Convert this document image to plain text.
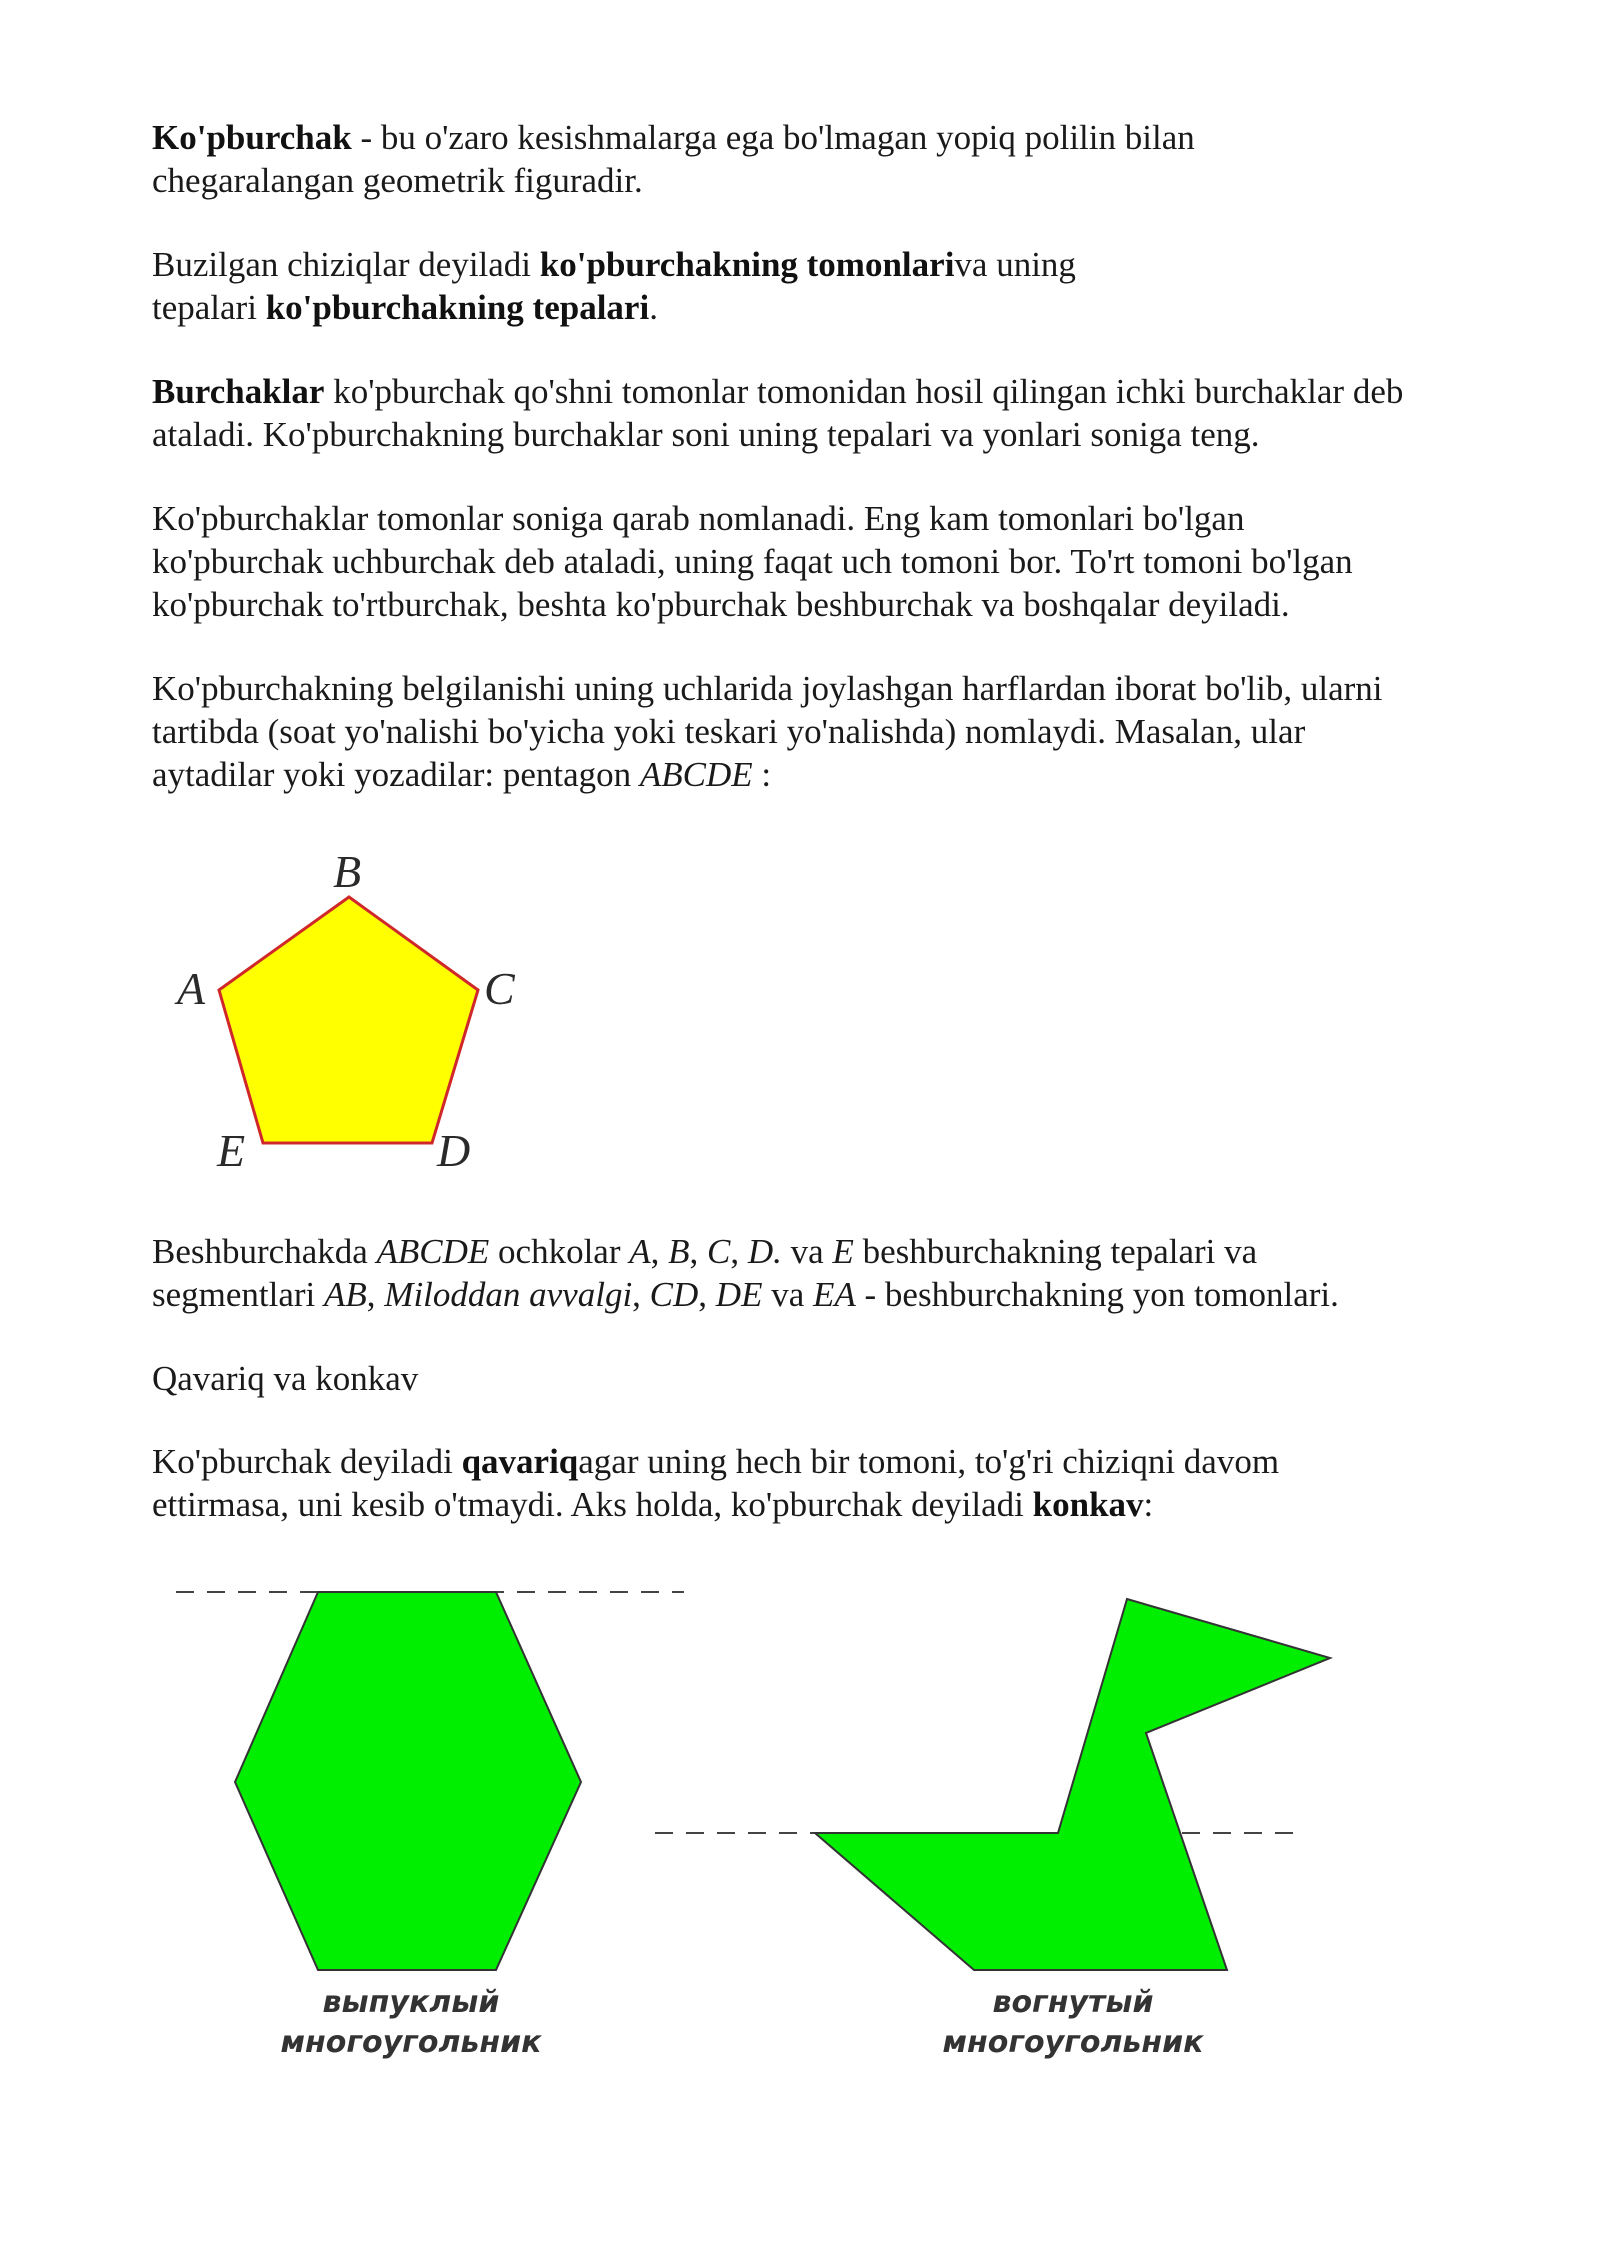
Ko'pburchak - bu o'zaro kesishmalarga ega bo'lmagan yopiq polilin bilan
chegaralangan geometrik figuradir.

Buzilgan chiziqlar deyiladi ko'pburchakning tomonlariva uning
tepalari ko'pburchakning tepalari.

Burchaklar ko'pburchak qo'shni tomonlar tomonidan hosil qilingan ichki burchaklar deb
ataladi. Ko'pburchakning burchaklar soni uning tepalari va yonlari soniga teng.

Ko'pburchaklar tomonlar soniga qarab nomlanadi. Eng kam tomonlari bo'lgan
ko'pburchak uchburchak deb ataladi, uning faqat uch tomoni bor. To'rt tomoni bo'lgan
ko'pburchak to'rtburchak, beshta ko'pburchak beshburchak va boshqalar deyiladi.

Ko'pburchakning belgilanishi uning uchlarida joylashgan harflardan iborat bo'lib, ularni
tartibda (soat yo'nalishi bo'yicha yoki teskari yo'nalishda) nomlaydi. Masalan, ular
aytadilar yoki yozadilar: pentagon ABCDE :

B
A	C
D
E
выпуклый
многоугольник
вогнутый
многоугольник

Beshburchakda ABCDE ochkolar A, B, C, D. va E beshburchakning tepalari va
segmentlari AB, Miloddan avvalgi, CD, DE va EA - beshburchakning yon tomonlari.

Qavariq va konkav

Ko'pburchak deyiladi qavariqagar uning hech bir tomoni, to'g'ri chiziqni davom
ettirmasa, uni kesib o'tmaydi. Aks holda, ko'pburchak deyiladi konkav:
